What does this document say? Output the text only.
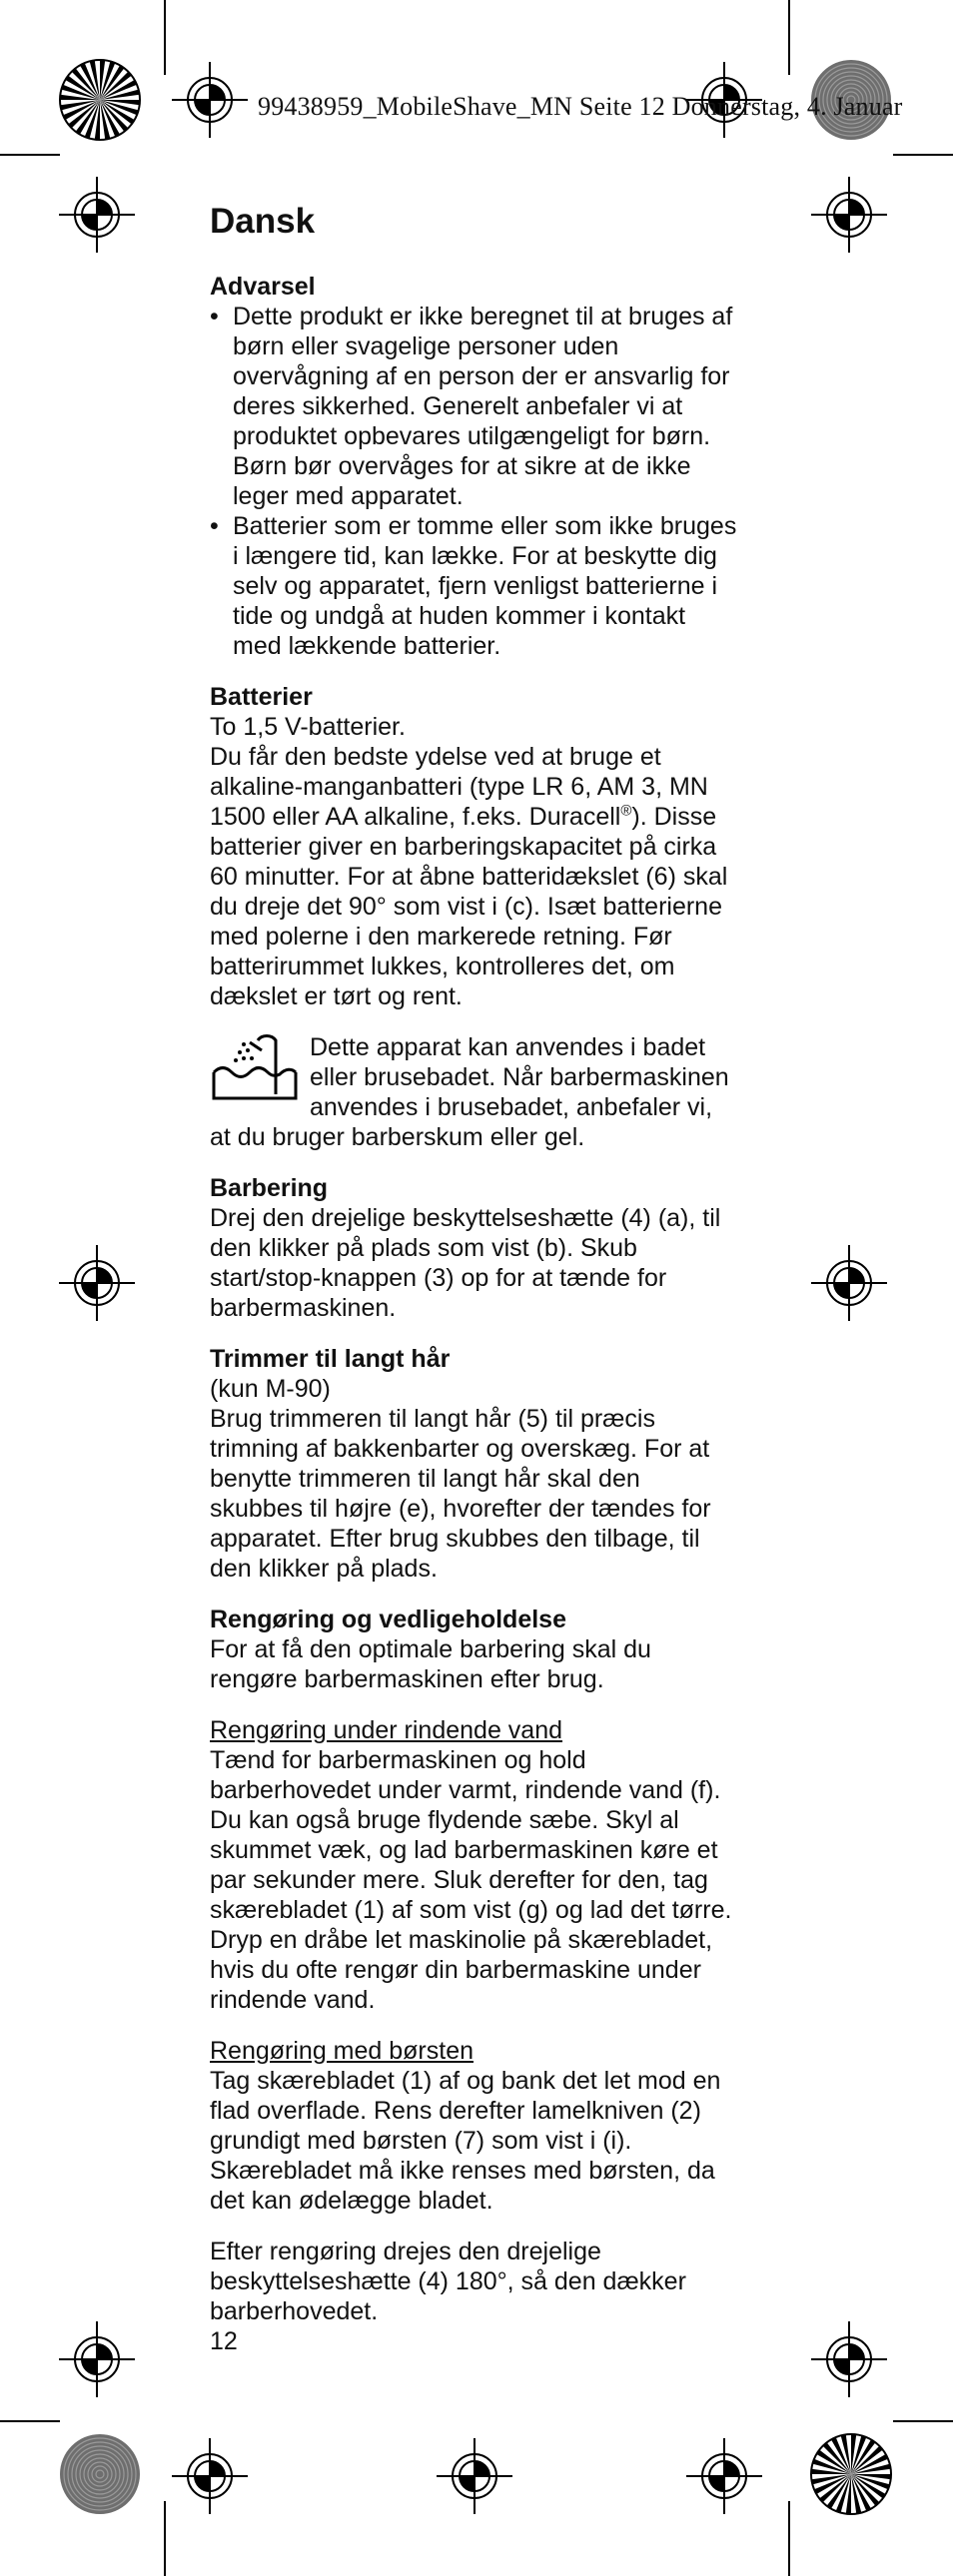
99438959_MobileShave_MN Seite 12 Donnerstag, 4. Januar
Dansk
Advarsel
• Dette produkt er ikke beregnet til at bruges af børn eller svagelige personer uden overvågning af en person der er ansvarlig for deres sikkerhed. Generelt anbefaler vi at produktet opbevares utilgængeligt for børn. Børn bør overvåges for at sikre at de ikke leger med apparatet.
• Batterier som er tomme eller som ikke bruges i længere tid, kan lække. For at beskytte dig selv og apparatet, fjern venligst batterierne i tide og undgå at huden kommer i kontakt med lækkende batterier.
Batterier

To 1,5 V-batterier.

Du får den bedste ydelse ved at bruge et alkaline-manganbatteri (type LR 6, AM 3, MN 1500 eller AA alkaline, f.eks. Duracell®). Disse batterier giver en barberingskapacitet på cirka 60 minutter. For at åbne batteridækslet (6) skal du dreje det 90° som vist i (c). Isæt batterierne med polerne i den markerede retning. Før batterirummet lukkes, kontrolleres det, om dækslet er tørt og rent.

Dette apparat kan anvendes i badet eller brusebadet. Når barbermaskinen anvendes i brusebadet, anbefaler vi, at du bruger barberskum eller gel.

Barbering

Drej den drejelige beskyttelseshætte (4) (a), til den klikker på plads som vist (b). Skub start/stop-knappen (3) op for at tænde for barbermaskinen.

Trimmer til langt hår

(kun M-90)

Brug trimmeren til langt hår (5) til præcis trimning af bakkenbarter og overskæg. For at benytte trimmeren til langt hår skal den skubbes til højre (e), hvorefter der tændes for apparatet. Efter brug skubbes den tilbage, til den klikker på plads.

Rengøring og vedligeholdelse

For at få den optimale barbering skal du rengøre barbermaskinen efter brug.

Rengøring under rindende vand

Tænd for barbermaskinen og hold barberhovedet under varmt, rindende vand (f). Du kan også bruge flydende sæbe. Skyl al skummet væk, og lad barbermaskinen køre et par sekunder mere. Sluk derefter for den, tag skærebladet (1) af som vist (g) og lad det tørre. Dryp en dråbe let maskinolie på skærebladet, hvis du ofte rengør din barbermaskine under rindende vand.

Rengøring med børsten

Tag skærebladet (1) af og bank det let mod en flad overflade. Rens derefter lamelkniven (2) grundigt med børsten (7) som vist i (i). Skærebladet må ikke renses med børsten, da det kan ødelægge bladet.

Efter rengøring drejes den drejelige beskyttelseshætte (4) 180°, så den dækker barberhovedet.

12
